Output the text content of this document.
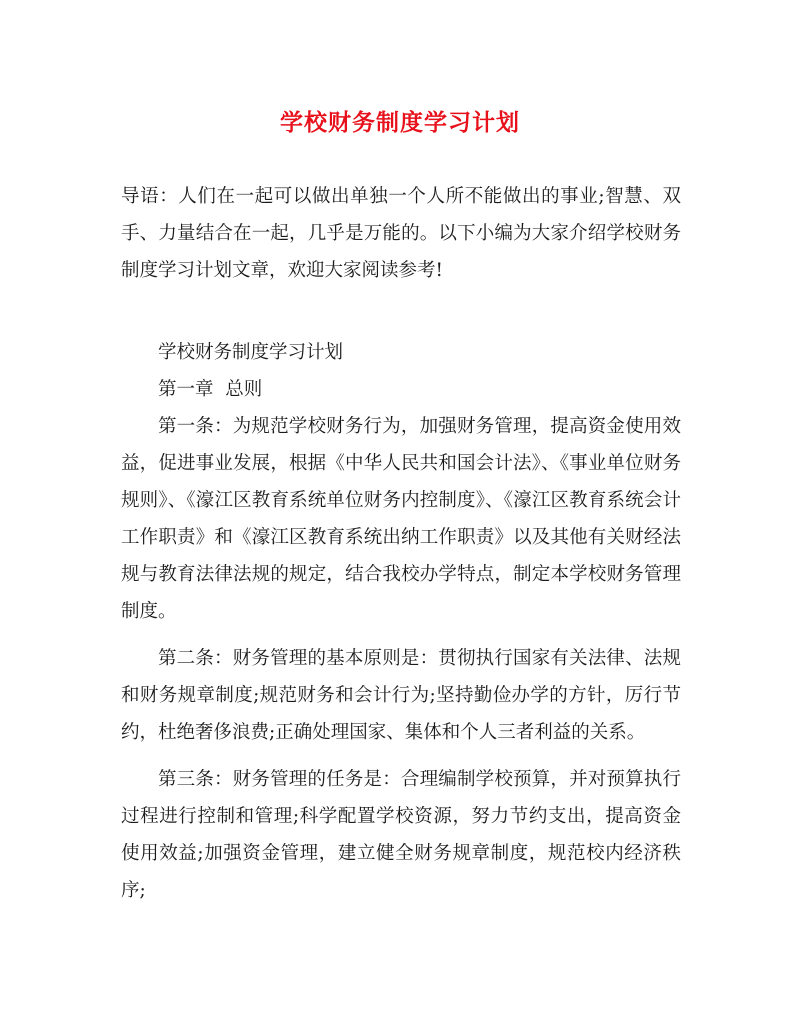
学校财务制度学习计划

导语：人们在一起可以做出单独一个人所不能做出的事业;智慧、双手、力量结合在一起，几乎是万能的。以下小编为大家介绍学校财务制度学习计划文章，欢迎大家阅读参考!

学校财务制度学习计划

第一章  总则

第一条：为规范学校财务行为，加强财务管理，提高资金使用效益，促进事业发展，根据《中华人民共和国会计法》、《事业单位财务规则》、《濠江区教育系统单位财务内控制度》、《濠江区教育系统会计工作职责》和《濠江区教育系统出纳工作职责》以及其他有关财经法规与教育法律法规的规定，结合我校办学特点，制定本学校财务管理制度。

第二条：财务管理的基本原则是：贯彻执行国家有关法律、法规和财务规章制度;规范财务和会计行为;坚持勤俭办学的方针，厉行节约，杜绝奢侈浪费;正确处理国家、集体和个人三者利益的关系。

第三条：财务管理的任务是：合理编制学校预算，并对预算执行过程进行控制和管理;科学配置学校资源，努力节约支出，提高资金使用效益;加强资金管理，建立健全财务规章制度，规范校内经济秩序;
